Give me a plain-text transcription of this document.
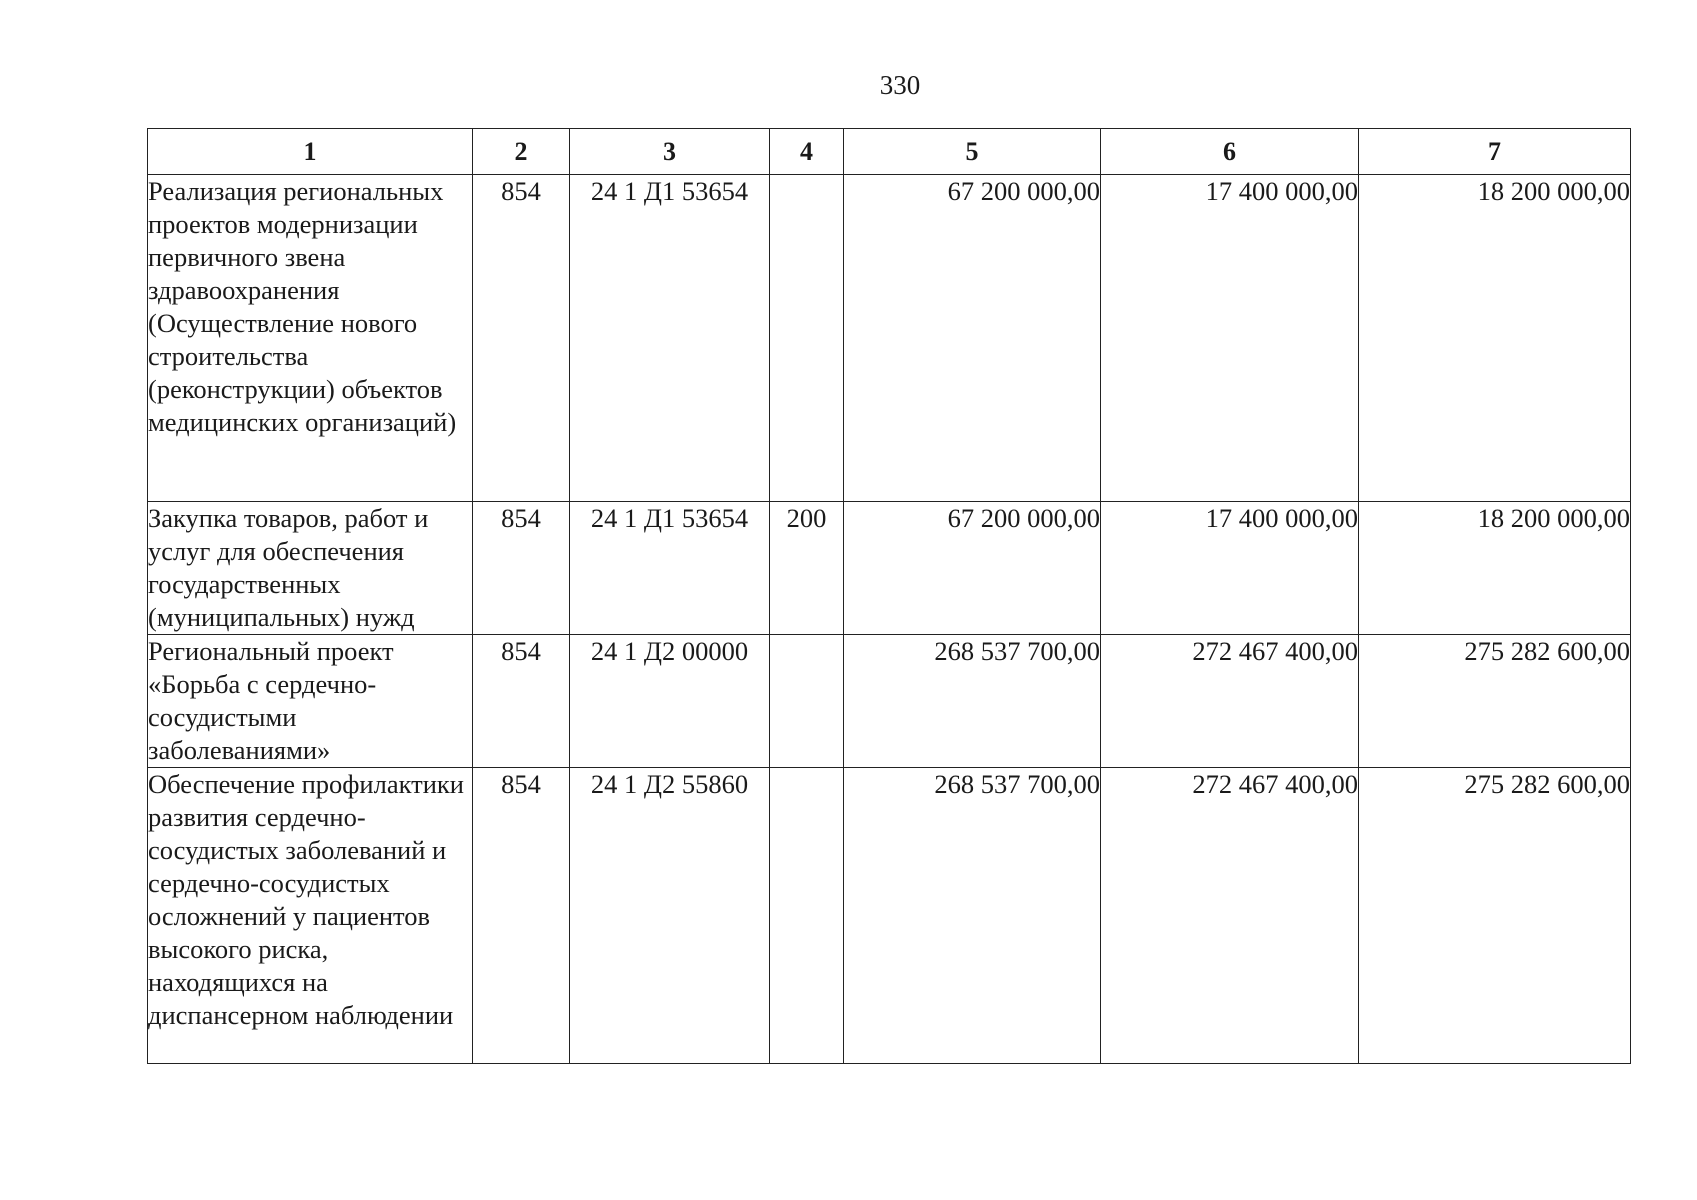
330
1	2	3	4	5	6	7
Реализация региональных проектов модернизации первичного звена здравоохранения (Осуществление нового строительства (реконструкции) объектов медицинских организаций)	854	24 1 Д1 53654		67 200 000,00	17 400 000,00	18 200 000,00
Закупка товаров, работ и услуг для обеспечения государственных (муниципальных) нужд	854	24 1 Д1 53654	200	67 200 000,00	17 400 000,00	18 200 000,00
Региональный проект «Борьба с сердечно-сосудистыми заболеваниями»	854	24 1 Д2 00000		268 537 700,00	272 467 400,00	275 282 600,00
Обеспечение профилактики развития сердечно-сосудистых заболеваний и сердечно-сосудистых осложнений у пациентов высокого риска, находящихся на диспансерном наблюдении	854	24 1 Д2 55860		268 537 700,00	272 467 400,00	275 282 600,00
